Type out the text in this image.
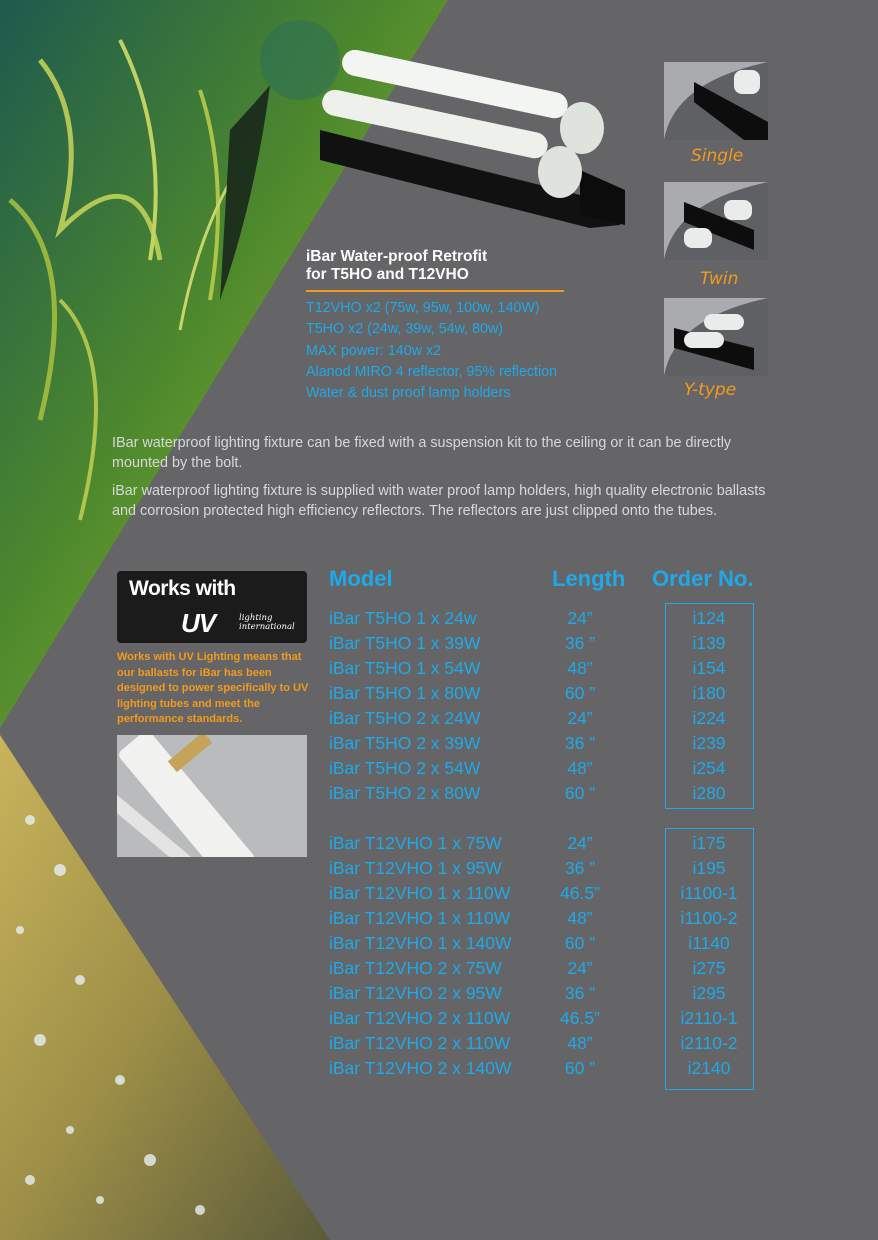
iBar Water-proof Retrofit
for T5HO and T12VHO
T12VHO x2 (75w, 95w, 100w, 140W)
T5HO x2 (24w, 39w, 54w, 80w)
MAX power: 140w x2
Alanod MIRO 4 reflector, 95% reflection
Water & dust proof lamp holders
Single
Twin
Y-type

IBar waterproof lighting fixture can be fixed with a suspension kit to the ceiling or it can be directly mounted by the bolt.

iBar waterproof lighting fixture is supplied with water proof lamp holders, high quality electronic ballasts and corrosion protected high efficiency reflectors. The reflectors are just clipped onto the tubes.

Works with
UV	lighting
international
Works with UV Lighting means that our ballasts for iBar has been designed to power specifically to UV lighting tubes and meet the performance standards.
Model	Length Order No.
iBar T5HO 1 x 24w	24”	i124
iBar T5HO 1 x 39W	36 ”	i139
iBar T5HO 1 x 54W	48”	i154
iBar T5HO 1 x 80W	60 ”	i180
iBar T5HO 2 x 24W	24”	i224
iBar T5HO 2 x 39W	36 ”	i239
iBar T5HO 2 x 54W	48”	i254
iBar T5HO 2 x 80W	60 ”	i280
iBar T12VHO 1 x 75W	24”	i175
iBar T12VHO 1 x 95W	36 ”	i195
iBar T12VHO 1 x 110W	46.5”	i1100-1
iBar T12VHO 1 x 110W	48”	i1100-2
iBar T12VHO 1 x 140W	60 ”	i1140
iBar T12VHO 2 x 75W	24”	i275
iBar T12VHO 2 x 95W	36 ”	i295
iBar T12VHO 2 x 110W	46.5”	i2110-1
iBar T12VHO 2 x 110W	48”	i2110-2
iBar T12VHO 2 x 140W	60 ”	i2140
